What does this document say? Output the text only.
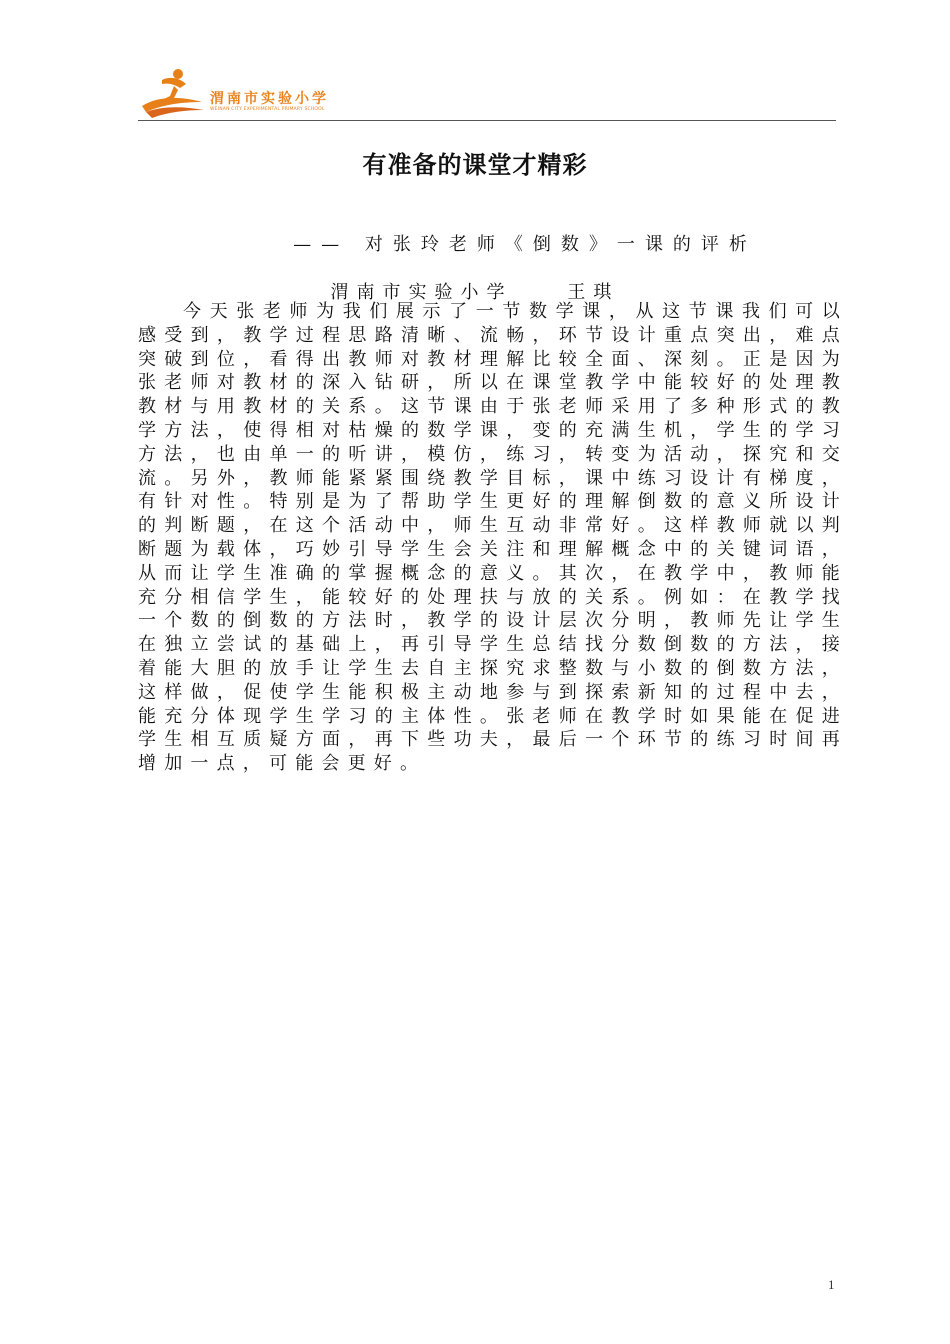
渭南市实验小学
WEINAN CITY EXPERIMENTAL PRIMARY SCHOOL
有准备的课堂才精彩
—— 对张玲老师《倒数》一课的评析
渭南市实验小学    王琪
今天张老师为我们展示了一节数学课，从这节课我们可以感受到，教学过程思路清晰、流畅，环节设计重点突出，难点突破到位，看得出教师对教材理解比较全面、深刻。正是因为张老师对教材的深入钻研，所以在课堂教学中能较好的处理教教材与用教材的关系。这节课由于张老师采用了多种形式的教学方法，使得相对枯燥的数学课，变的充满生机，学生的学习方法，也由单一的听讲，模仿，练习，转变为活动，探究和交流。另外，教师能紧紧围绕教学目标，课中练习设计有梯度，有针对性。特别是为了帮助学生更好的理解倒数的意义所设计的判断题，在这个活动中，师生互动非常好。这样教师就以判断题为载体，巧妙引导学生会关注和理解概念中的关键词语，从而让学生准确的掌握概念的意义。其次，在教学中，教师能充分相信学生，能较好的处理扶与放的关系。例如：在教学找一个数的倒数的方法时，教学的设计层次分明，教师先让学生在独立尝试的基础上，再引导学生总结找分数倒数的方法，接着能大胆的放手让学生去自主探究求整数与小数的倒数方法，这样做，促使学生能积极主动地参与到探索新知的过程中去，能充分体现学生学习的主体性。张老师在教学时如果能在促进学生相互质疑方面，再下些功夫，最后一个环节的练习时间再增加一点，可能会更好。
1
